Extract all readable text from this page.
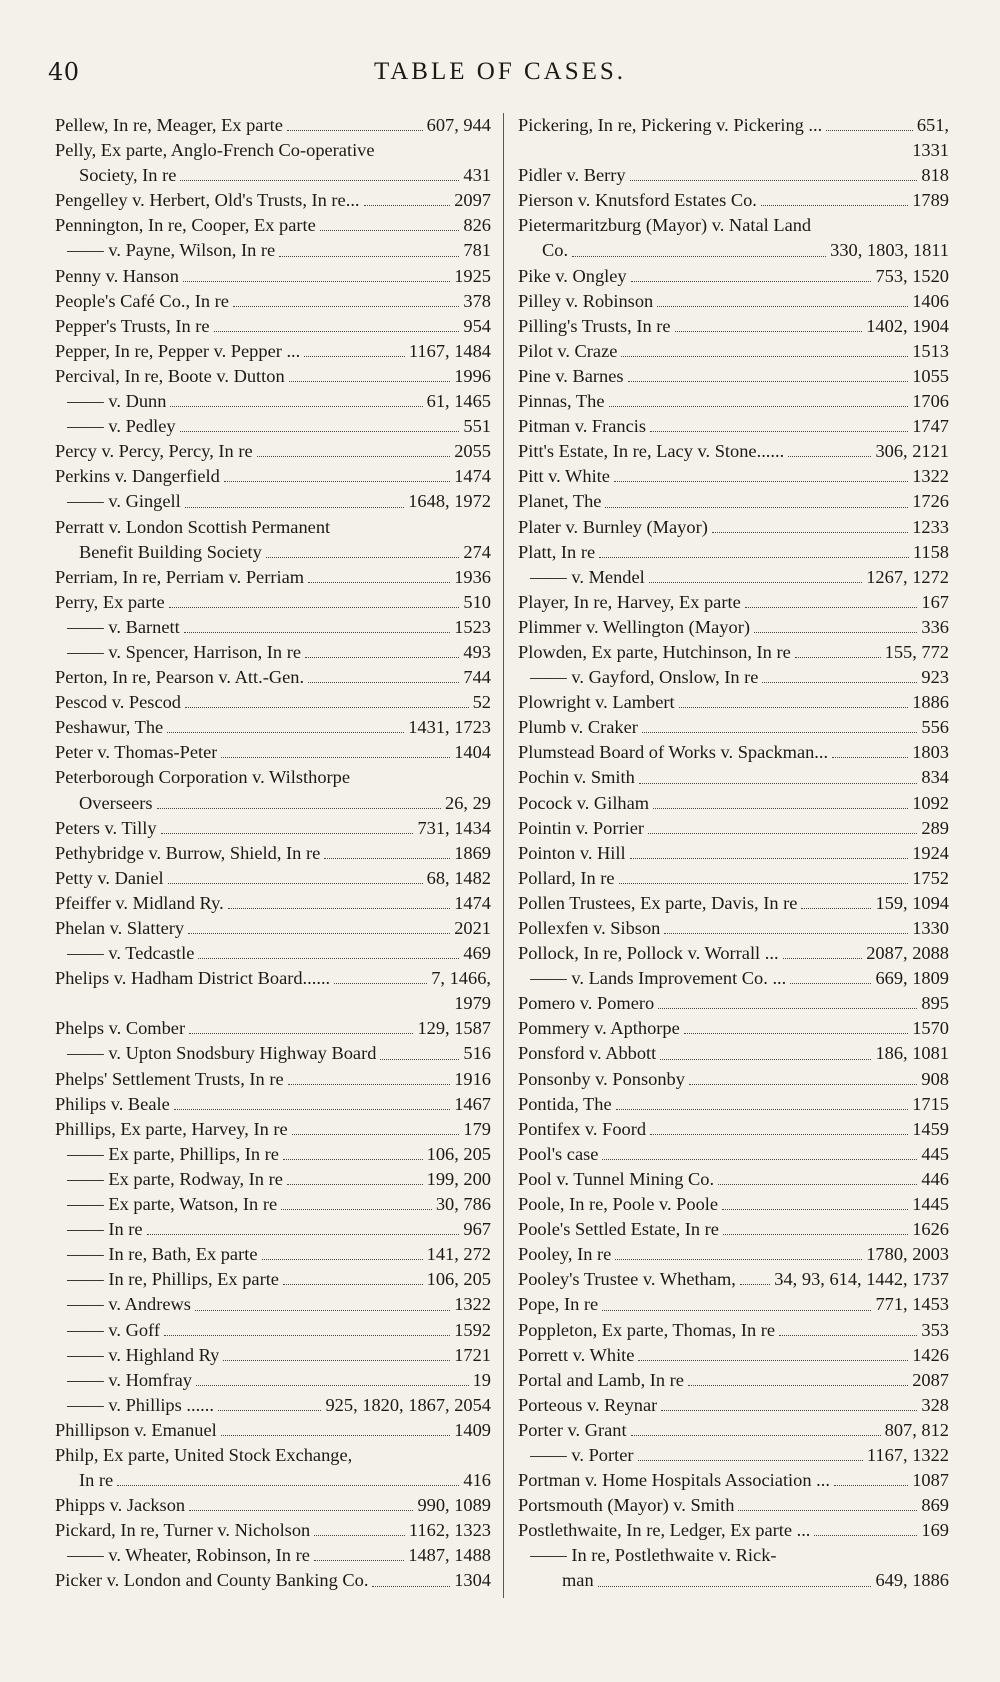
40	TABLE OF CASES.
Pellew, In re, Meager, Ex parte	607, 944
Pelly, Ex parte, Anglo-French Co-operative
Society, In re	431
Pengelley v. Herbert, Old's Trusts, In re...	2097
Pennington, In re, Cooper, Ex parte	826
—— v. Payne, Wilson, In re	781
Penny v. Hanson	1925
People's Café Co., In re	378
Pepper's Trusts, In re	954
Pepper, In re, Pepper v. Pepper ...	1167, 1484
Percival, In re, Boote v. Dutton	1996
—— v. Dunn	61, 1465
—— v. Pedley	551
Percy v. Percy, Percy, In re	2055
Perkins v. Dangerfield	1474
—— v. Gingell	1648, 1972
Perratt v. London Scottish Permanent
Benefit Building Society	274
Perriam, In re, Perriam v. Perriam	1936
Perry, Ex parte	510
—— v. Barnett	1523
—— v. Spencer, Harrison, In re	493
Perton, In re, Pearson v. Att.-Gen.	744
Pescod v. Pescod	52
Peshawur, The	1431, 1723
Peter v. Thomas-Peter	1404
Peterborough Corporation v. Wilsthorpe
Overseers	26, 29
Peters v. Tilly	731, 1434
Pethybridge v. Burrow, Shield, In re	1869
Petty v. Daniel	68, 1482
Pfeiffer v. Midland Ry.	1474
Phelan v. Slattery	2021
—— v. Tedcastle	469
Phelips v. Hadham District Board......	7, 1466,
1979
Phelps v. Comber	129, 1587
—— v. Upton Snodsbury Highway Board	516
Phelps' Settlement Trusts, In re	1916
Philips v. Beale	1467
Phillips, Ex parte, Harvey, In re	179
—— Ex parte, Phillips, In re	106, 205
—— Ex parte, Rodway, In re	199, 200
—— Ex parte, Watson, In re	30, 786
—— In re	967
—— In re, Bath, Ex parte	141, 272
—— In re, Phillips, Ex parte	106, 205
—— v. Andrews	1322
—— v. Goff	1592
—— v. Highland Ry	1721
—— v. Homfray	19
—— v. Phillips ......	925, 1820, 1867, 2054
Phillipson v. Emanuel	1409
Philp, Ex parte, United Stock Exchange,
In re	416
Phipps v. Jackson	990, 1089
Pickard, In re, Turner v. Nicholson	1162, 1323
—— v. Wheater, Robinson, In re	1487, 1488
Picker v. London and County Banking Co.	1304
Pickering, In re, Pickering v. Pickering ...	651,
1331
Pidler v. Berry	818
Pierson v. Knutsford Estates Co.	1789
Pietermaritzburg (Mayor) v. Natal Land
Co.	330, 1803, 1811
Pike v. Ongley	753, 1520
Pilley v. Robinson	1406
Pilling's Trusts, In re	1402, 1904
Pilot v. Craze	1513
Pine v. Barnes	1055
Pinnas, The	1706
Pitman v. Francis	1747
Pitt's Estate, In re, Lacy v. Stone......	306, 2121
Pitt v. White	1322
Planet, The	1726
Plater v. Burnley (Mayor)	1233
Platt, In re	1158
—— v. Mendel	1267, 1272
Player, In re, Harvey, Ex parte	167
Plimmer v. Wellington (Mayor)	336
Plowden, Ex parte, Hutchinson, In re	155, 772
—— v. Gayford, Onslow, In re	923
Plowright v. Lambert	1886
Plumb v. Craker	556
Plumstead Board of Works v. Spackman...	1803
Pochin v. Smith	834
Pocock v. Gilham	1092
Pointin v. Porrier	289
Pointon v. Hill	1924
Pollard, In re	1752
Pollen Trustees, Ex parte, Davis, In re	159, 1094
Pollexfen v. Sibson	1330
Pollock, In re, Pollock v. Worrall ...	2087, 2088
—— v. Lands Improvement Co. ...	669, 1809
Pomero v. Pomero	895
Pommery v. Apthorpe	1570
Ponsford v. Abbott	186, 1081
Ponsonby v. Ponsonby	908
Pontida, The	1715
Pontifex v. Foord	1459
Pool's case	445
Pool v. Tunnel Mining Co.	446
Poole, In re, Poole v. Poole	1445
Poole's Settled Estate, In re	1626
Pooley, In re	1780, 2003
Pooley's Trustee v. Whetham, 34, 93, 614, 1442, 1737
Pope, In re	771, 1453
Poppleton, Ex parte, Thomas, In re	353
Porrett v. White	1426
Portal and Lamb, In re	2087
Porteous v. Reynar	328
Porter v. Grant	807, 812
—— v. Porter	1167, 1322
Portman v. Home Hospitals Association ...	1087
Portsmouth (Mayor) v. Smith	869
Postlethwaite, In re, Ledger, Ex parte ...	169
—— In re, Postlethwaite v. Rick-
man	649, 1886
